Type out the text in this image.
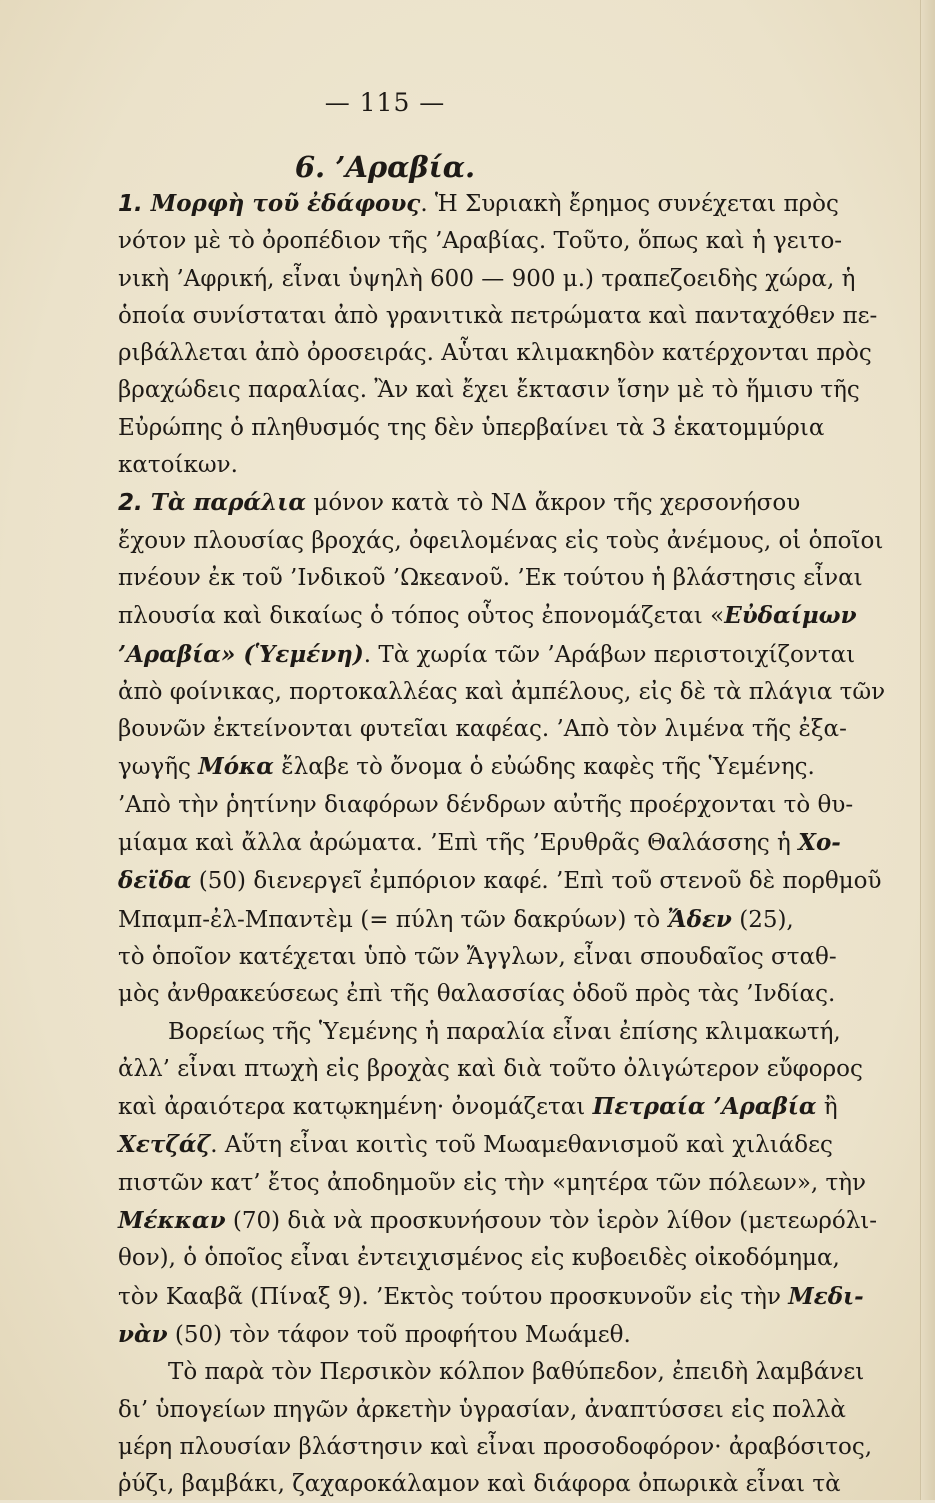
— 115 —
6. ’Αραβία.
1. Μορφὴ τοῦ ἐδάφους. Ἡ Συριακὴ ἔρημος συνέχεται πρὸς
νότον μὲ τὸ ὀροπέδιον τῆς ’Αραβίας. Τοῦτο, ὅπως καὶ ἡ γειτο-
νικὴ ’Αφρική, εἶναι ὑψηλὴ 600 — 900 μ.) τραπεζοειδὴς χώρα, ἡ
ὁποία συνίσταται ἀπὸ γρανιτικὰ πετρώματα καὶ πανταχόθεν πε-
ριβάλλεται ἀπὸ ὀροσειράς. Αὗται κλιμακηδὸν κατέρχονται πρὸς
βραχώδεις παραλίας. Ἂν καὶ ἔχει ἔκτασιν ἴσην μὲ τὸ ἥμισυ τῆς
Εὐρώπης ὁ πληθυσμός της δὲν ὑπερβαίνει τὰ 3 ἑκατομμύρια
κατοίκων.
2. Τὰ παράλια μόνον κατὰ τὸ ΝΔ ἄκρον τῆς χερσονήσου
ἔχουν πλουσίας βροχάς, ὀφειλομένας εἰς τοὺς ἀνέμους, οἱ ὁποῖοι
πνέουν ἐκ τοῦ ’Ινδικοῦ ’Ωκεανοῦ. ’Εκ τούτου ἡ βλάστησις εἶναι
πλουσία καὶ δικαίως ὁ τόπος οὗτος ἐπονομάζεται «Εὐδαίμων
’Αραβία» (Ὑεμένη). Τὰ χωρία τῶν ’Αράβων περιστοιχίζονται
ἀπὸ φοίνικας, πορτοκαλλέας καὶ ἀμπέλους, εἰς δὲ τὰ πλάγια τῶν
βουνῶν ἐκτείνονται φυτεῖαι καφέας. ’Απὸ τὸν λιμένα τῆς ἐξα-
γωγῆς Μόκα ἔλαβε τὸ ὄνομα ὁ εὐώδης καφὲς τῆς Ὑεμένης.
’Απὸ τὴν ῥητίνην διαφόρων δένδρων αὐτῆς προέρχονται τὸ θυ-
μίαμα καὶ ἄλλα ἀρώματα. ’Επὶ τῆς ’Ερυθρᾶς Θαλάσσης ἡ Χο-
δεϊδα (50) διενεργεῖ ἐμπόριον καφέ. ’Επὶ τοῦ στενοῦ δὲ πορθμοῦ
Μπαμπ-ἐλ-Μπαντὲμ (= πύλη τῶν δακρύων) τὸ Ἄδεν (25),
τὸ ὁποῖον κατέχεται ὑπὸ τῶν Ἄγγλων, εἶναι σπουδαῖος σταθ-
μὸς ἀνθρακεύσεως ἐπὶ τῆς θαλασσίας ὁδοῦ πρὸς τὰς ’Ινδίας.
Βορείως τῆς Ὑεμένης ἡ παραλία εἶναι ἐπίσης κλιμακωτή,
ἀλλ’ εἶναι πτωχὴ εἰς βροχὰς καὶ διὰ τοῦτο ὀλιγώτερον εὔφορος
καὶ ἀραιότερα κατῳκημένη· ὀνομάζεται Πετραία ’Αραβία ἢ
Χετζάζ. Αὕτη εἶναι κοιτὶς τοῦ Μωαμεθανισμοῦ καὶ χιλιάδες
πιστῶν κατ’ ἔτος ἀποδημοῦν εἰς τὴν «μητέρα τῶν πόλεων», τὴν
Μέκκαν (70) διὰ νὰ προσκυνήσουν τὸν ἱερὸν λίθον (μετεωρόλι-
θον), ὁ ὁποῖος εἶναι ἐντειχισμένος εἰς κυβοειδὲς οἰκοδόμημα,
τὸν Κααβᾶ (Πίναξ 9). ’Εκτὸς τούτου προσκυνοῦν εἰς τὴν Μεδι-
νὰν (50) τὸν τάφον τοῦ προφήτου Μωάμεθ.
Τὸ παρὰ τὸν Περσικὸν κόλπον βαθύπεδον, ἐπειδὴ λαμβάνει
δι’ ὑπογείων πηγῶν ἀρκετὴν ὑγρασίαν, ἀναπτύσσει εἰς πολλὰ
μέρη πλουσίαν βλάστησιν καὶ εἶναι προσοδοφόρον· ἀραβόσιτος,
ῥύζι, βαμβάκι, ζαχαροκάλαμον καὶ διάφορα ὀπωρικὰ εἶναι τὰ
